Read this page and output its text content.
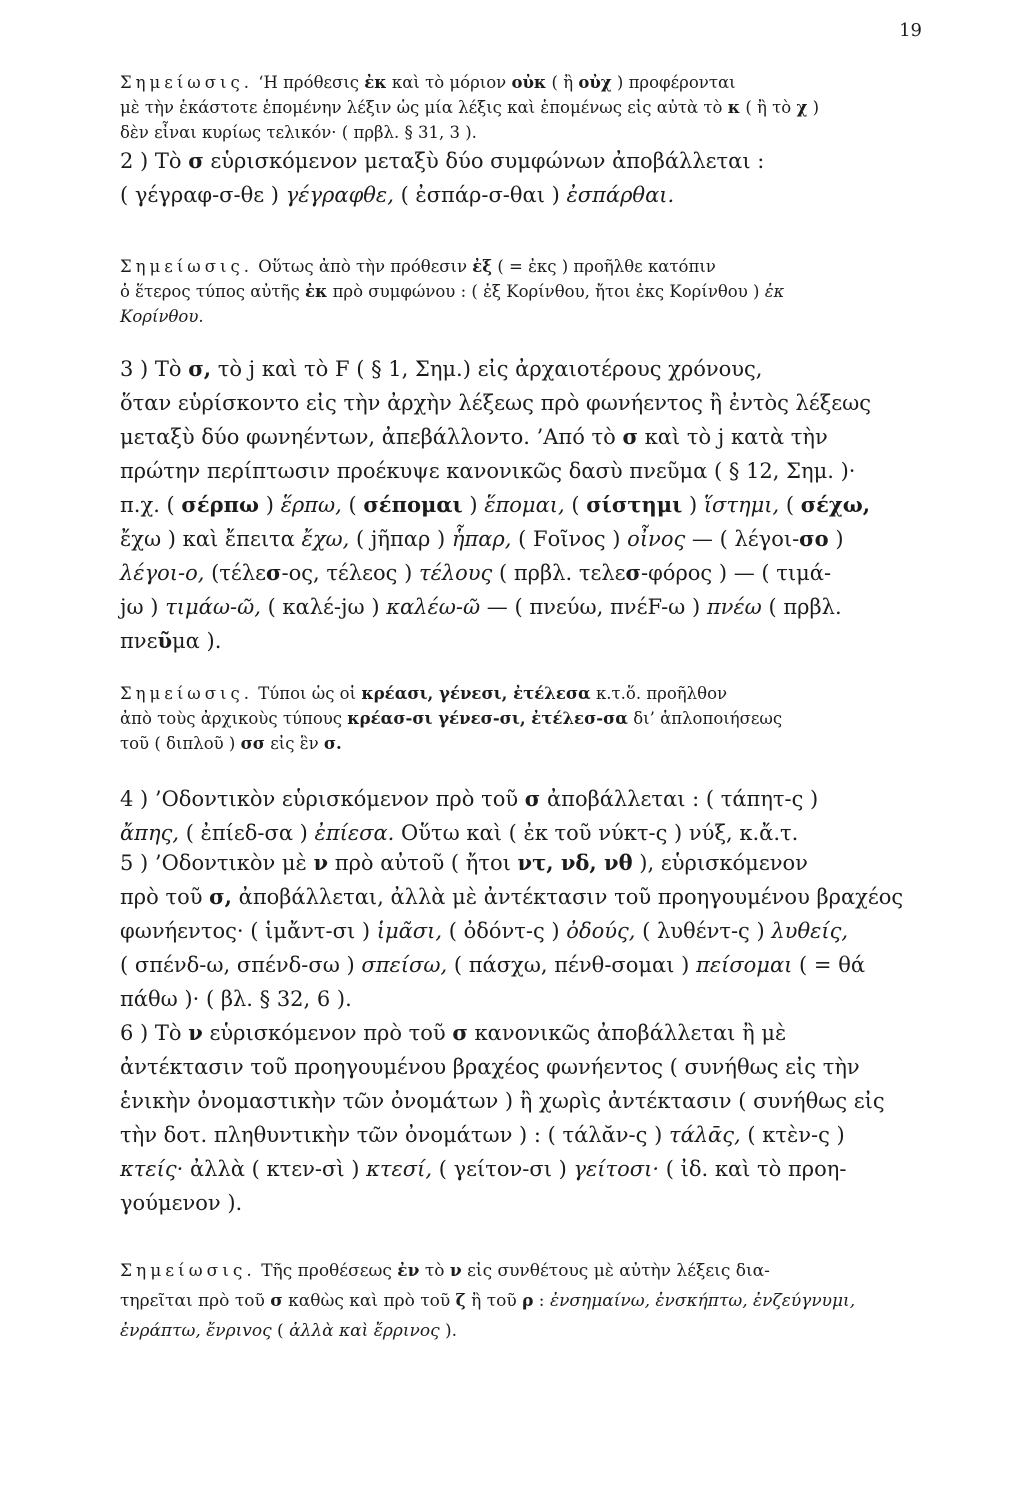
19
Σημείωσις. ‘Η πρόθεσις ἐκ καὶ τὸ μόριον οὐκ ( ἢ οὐχ ) προφέρονται
μὲ τὴν ἑκάστοτε ἑπομένην λέξιν ὡς μία λέξις καὶ ἑπομένως εἰς αὐτὰ τὸ κ ( ἢ τὸ χ )
δὲν εἶναι κυρίως τελικόν· ( πρβλ. § 31, 3 ).
2 ) Τὸ σ εὑρισκόμενον μεταξὺ δύο συμφώνων ἀποβάλλεται :
( γέγραφ-σ-θε ) γέγραφθε, ( ἐσπάρ-σ-θαι ) ἐσπάρθαι.
Σημείωσις. Οὕτως ἀπὸ τὴν πρόθεσιν ἐξ ( = ἐκς ) προῆλθε κατόπιν
ὁ ἕτερος τύπος αὐτῆς ἐκ πρὸ συμφώνου : ( ἐξ Κορίνθου, ἤτοι ἐκς Κορίνθου ) ἐκ
Κορίνθου.
3 ) Τὸ σ, τὸ j καὶ τὸ F ( § 1, Σημ.) εἰς ἀρχαιοτέρους χρόνους,
ὅταν εὑρίσκοντο εἰς τὴν ἀρχὴν λέξεως πρὸ φωνήεντος ἢ ἐντὸς λέξεως
μεταξὺ δύο φωνηέντων, ἀπεβάλλοντο. ’Από τὸ σ καὶ τὸ j κατὰ τὴν
πρώτην περίπτωσιν προέκυψε κανονικῶς δασὺ πνεῦμα ( § 12, Σημ. )·
π.χ. ( σέρπω ) ἕρπω, ( σέπομαι ) ἕπομαι, ( σίστημι ) ἵστημι, ( σέχω,
ἔχω ) καὶ ἔπειτα ἔχω, ( jῆπαρ ) ἧπαρ, ( Fοῖνος ) οἶνος — ( λέγοι-σο )
λέγοι-ο, (τέλεσ-ος, τέλεος ) τέλους ( πρβλ. τελεσ-φόρος ) — ( τιμά-
jω ) τιμάω-ῶ, ( καλέ-jω ) καλέω-ῶ — ( πνεύω, πνέF-ω ) πνέω ( πρβλ.
πνεῦμα ).
Σημείωσις. Τύποι ὡς οἱ κρέασι, γένεσι, ἐτέλεσα κ.τ.ὅ. προῆλθον
ἀπὸ τοὺς ἀρχικοὺς τύπους κρέασ-σι γένεσ-σι, ἐτέλεσ-σα δι’ ἁπλοποιήσεως
τοῦ ( διπλοῦ ) σσ εἰς ἓν σ.
4 ) ’Οδοντικὸν εὑρισκόμενον πρὸ τοῦ σ ἀποβάλλεται : ( τάπητ-ς )
ἄπης, ( ἐπίεδ-σα ) ἐπίεσα. Οὕτω καὶ ( ἐκ τοῦ νύκτ-ς ) νύξ, κ.ἄ.τ.
5 ) ’Οδοντικὸν μὲ ν πρὸ αὐτοῦ ( ἤτοι ντ, νδ, νθ ), εὑρισκόμενον
πρὸ τοῦ σ, ἀποβάλλεται, ἀλλὰ μὲ ἀντέκτασιν τοῦ προηγουμένου βραχέος
φωνήεντος· ( ἱμἄντ-σι ) ἱμᾶσι, ( ὀδόντ-ς ) ὀδούς, ( λυθέντ-ς ) λυθείς,
( σπένδ-ω, σπένδ-σω ) σπείσω, ( πάσχω, πένθ-σομαι ) πείσομαι ( = θά
πάθω )· ( βλ. § 32, 6 ).
6 ) Τὸ ν εὑρισκόμενον πρὸ τοῦ σ κανονικῶς ἀποβάλλεται ἢ μὲ
ἀντέκτασιν τοῦ προηγουμένου βραχέος φωνήεντος ( συνήθως εἰς τὴν
ἑνικὴν ὀνομαστικὴν τῶν ὀνομάτων ) ἢ χωρὶς ἀντέκτασιν ( συνήθως εἰς
τὴν δοτ. πληθυντικὴν τῶν ὀνομάτων ) : ( τάλᾰν-ς ) τάλᾱς, ( κτὲν-ς )
κτείς· ἀλλὰ ( κτεν-σὶ ) κτεσί, ( γείτον-σι ) γείτοσι· ( ἰδ. καὶ τὸ προη-
γούμενον ).
Σημείωσις. Τῆς προθέσεως ἐν τὸ ν εἰς συνθέτους μὲ αὐτὴν λέξεις δια-
τηρεῖται πρὸ τοῦ σ καθὼς καὶ πρὸ τοῦ ζ ἢ τοῦ ρ : ἐνσημαίνω, ἐνσκήπτω, ἐνζεύγνυμι,
ἐνράπτω, ἔνριvος ( ἀλλὰ καὶ ἔρρινος ).
